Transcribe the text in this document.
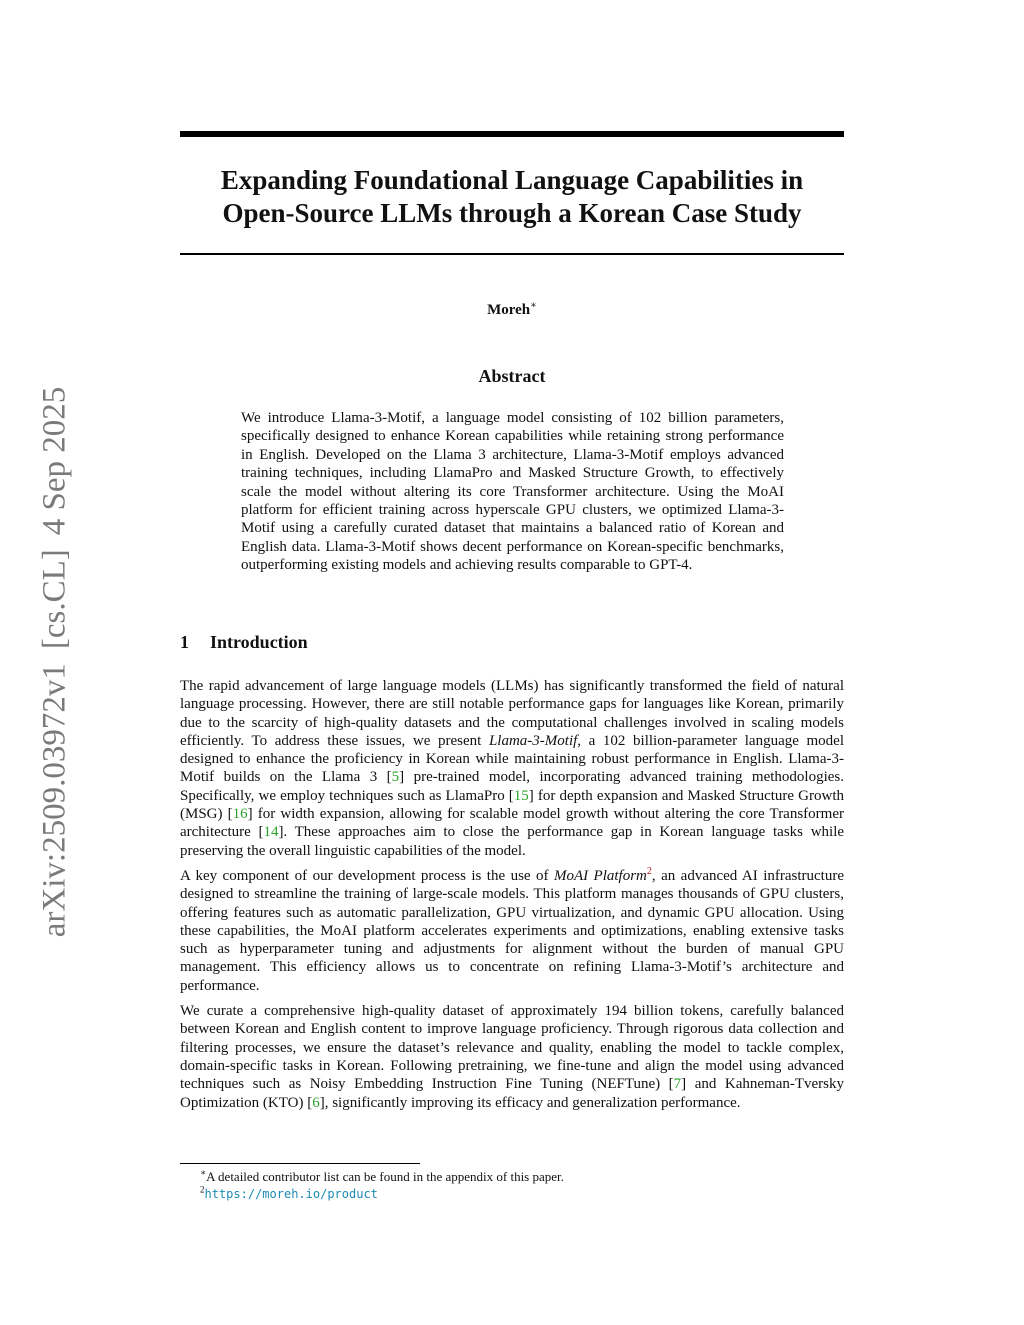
arXiv:2509.03972v1[cs.CL]4 Sep 2025
Expanding Foundational Language Capabilities in
Open-Source LLMs through a Korean Case Study
Moreh∗
Abstract
We introduce Llama-3-Motif, a language model consisting of 102 billion parameters, specifically designed to enhance Korean capabilities while retaining strong performance in English. Developed on the Llama 3 architecture, Llama-3-Motif employs advanced training techniques, including LlamaPro and Masked Structure Growth, to effectively scale the model without altering its core Transformer architecture. Using the MoAI platform for efficient training across hyperscale GPU clusters, we optimized Llama-3-Motif using a carefully curated dataset that maintains a balanced ratio of Korean and English data. Llama-3-Motif shows decent performance on Korean-specific benchmarks, outperforming existing models and achieving results comparable to GPT-4.
1 Introduction

The rapid advancement of large language models (LLMs) has significantly transformed the field of natural language processing. However, there are still notable performance gaps for languages like Korean, primarily due to the scarcity of high-quality datasets and the computational challenges involved in scaling models efficiently. To address these issues, we present Llama-3-Motif, a 102 billion-parameter language model designed to enhance the proficiency in Korean while maintaining robust performance in English. Llama-3-Motif builds on the Llama 3 [5] pre-trained model, incorporating advanced training methodologies. Specifically, we employ techniques such as LlamaPro [15] for depth expansion and Masked Structure Growth (MSG) [16] for width expansion, allowing for scalable model growth without altering the core Transformer architecture [14]. These approaches aim to close the performance gap in Korean language tasks while preserving the overall linguistic capabilities of the model.

A key component of our development process is the use of MoAI Platform$^2$, an advanced AI infrastructure designed to streamline the training of large-scale models. This platform manages thousands of GPU clusters, offering features such as automatic parallelization, GPU virtualization, and dynamic GPU allocation. Using these capabilities, the MoAI platform accelerates experiments and optimizations, enabling extensive tasks such as hyperparameter tuning and adjustments for alignment without the burden of manual GPU management. This efficiency allows us to concentrate on refining Llama-3-Motif’s architecture and performance.

We curate a comprehensive high-quality dataset of approximately 194 billion tokens, carefully balanced between Korean and English content to improve language proficiency. Through rigorous data collection and filtering processes, we ensure the dataset’s relevance and quality, enabling the model to tackle complex, domain-specific tasks in Korean. Following pretraining, we fine-tune and align the model using advanced techniques such as Noisy Embedding Instruction Fine Tuning (NEFTune) [7] and Kahneman-Tversky Optimization (KTO) [6], significantly improving its efficacy and generalization performance.

∗A detailed contributor list can be found in the appendix of this paper.
$^2$https://moreh.io/product
